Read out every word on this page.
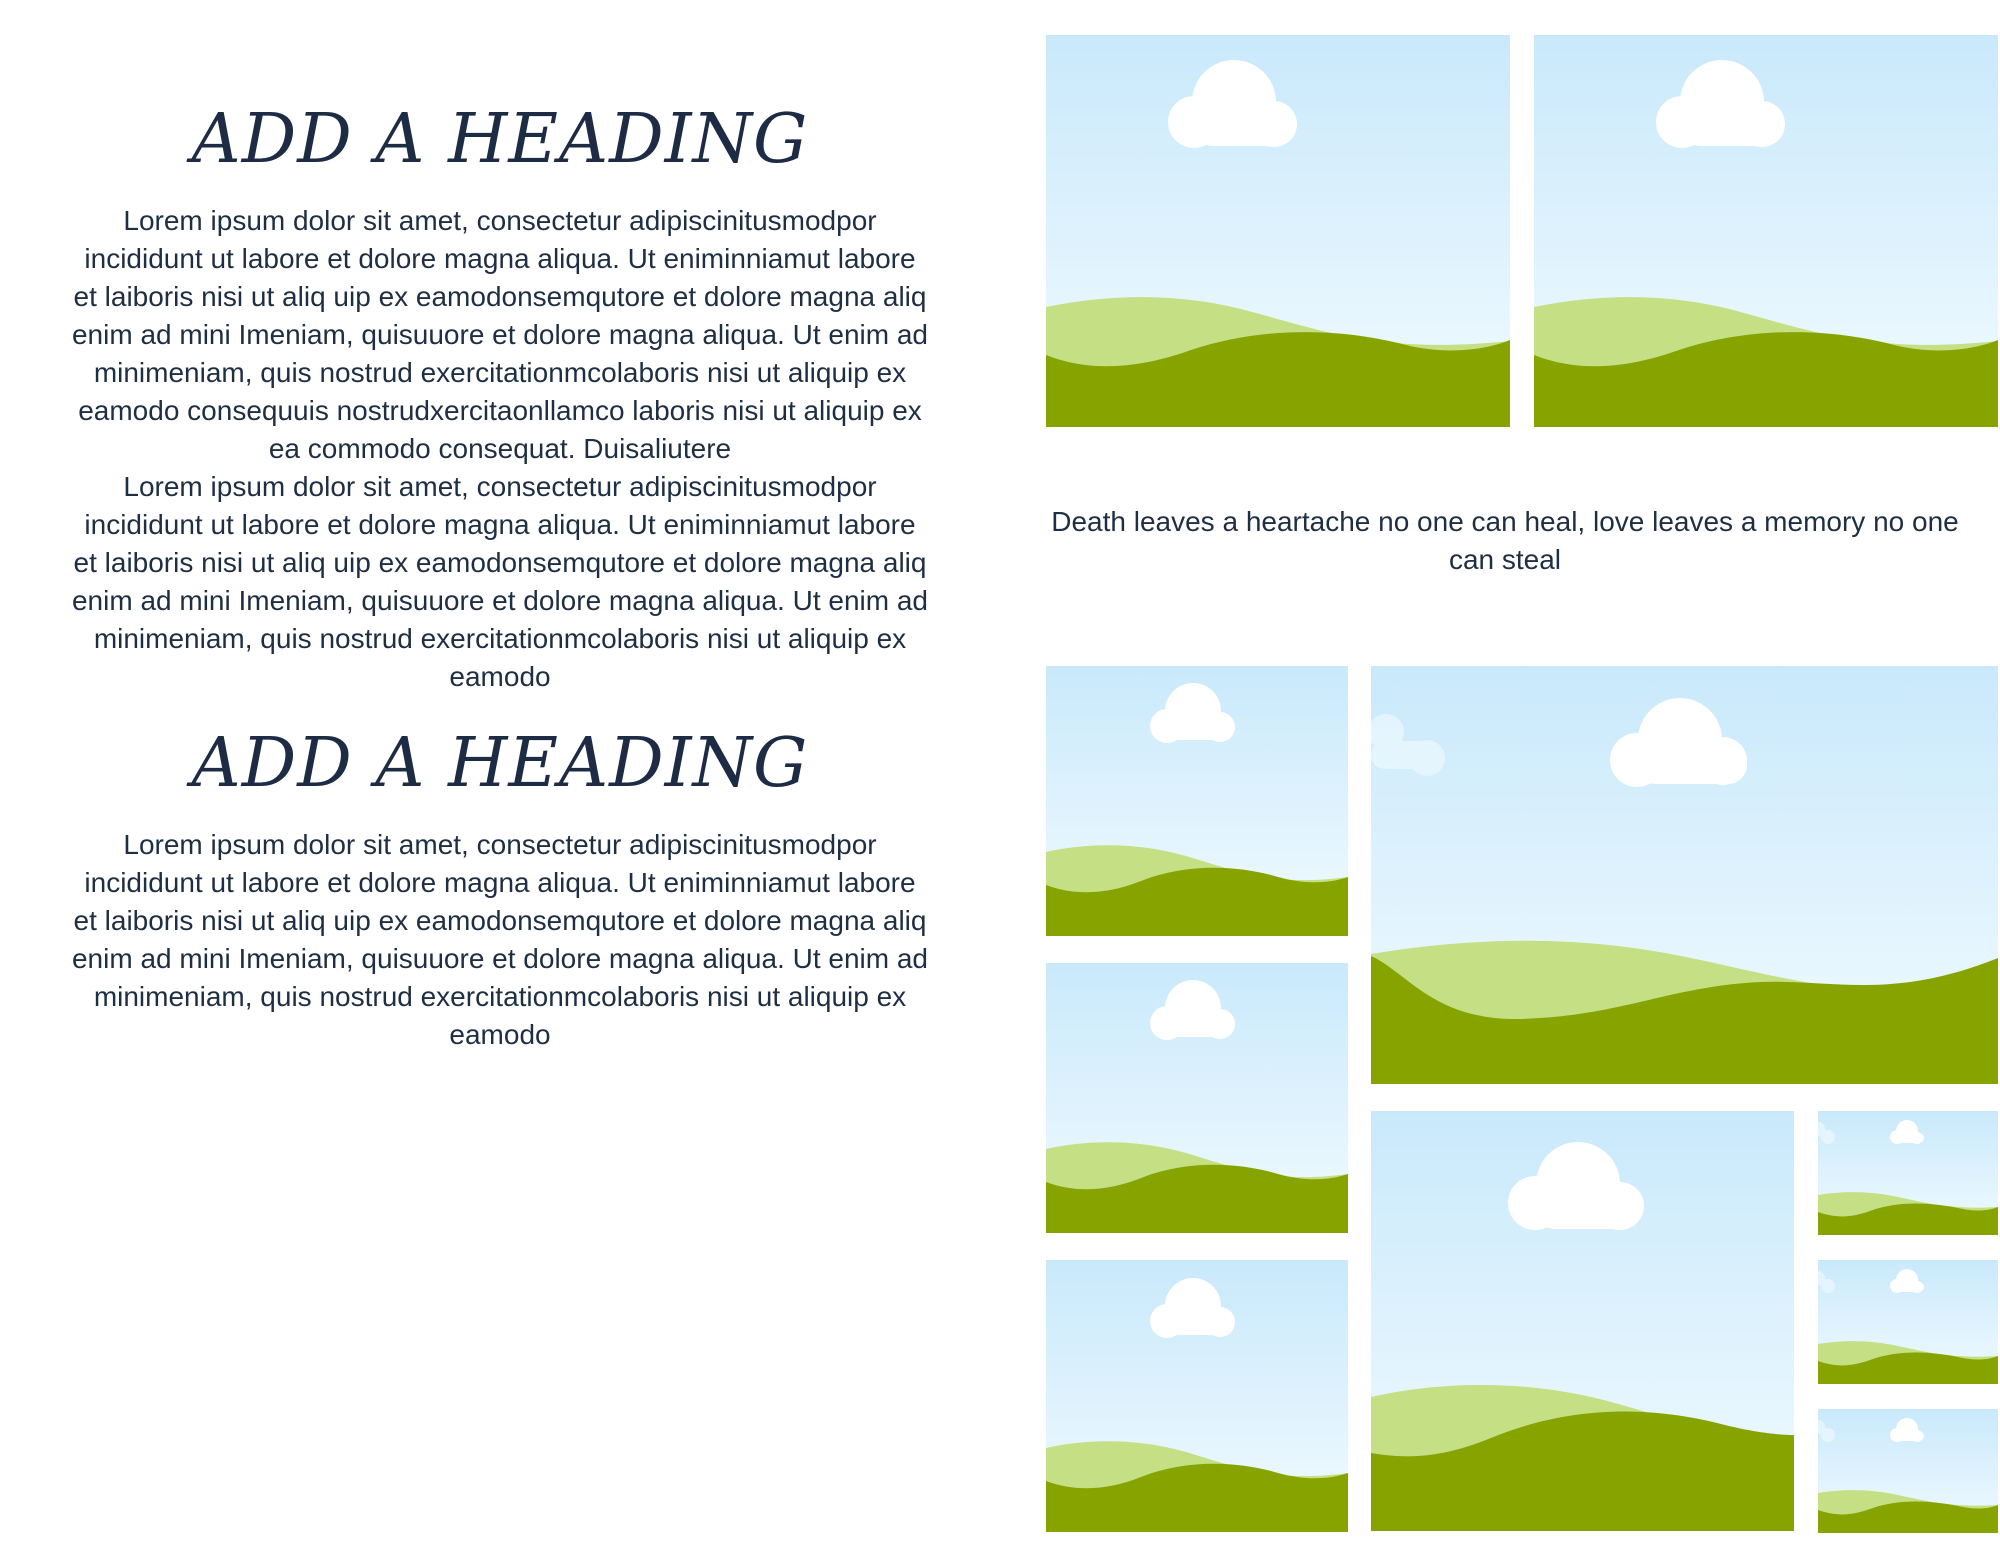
ADD A HEADING

Lorem ipsum dolor sit amet, consectetur adipiscinitusmodpor incididunt ut labore et dolore magna aliqua. Ut eniminniamut labore et laiboris nisi ut aliq uip ex eamodonsemqutore et dolore magna aliq enim ad mini Imeniam, quisuuore et dolore magna aliqua. Ut enim ad minimeniam, quis nostrud exercitationmcolaboris nisi ut aliquip ex eamodo consequuis nostrudxercitaonllamco laboris nisi ut aliquip ex ea commodo consequat. Duisaliutere

Lorem ipsum dolor sit amet, consectetur adipiscinitusmodpor incididunt ut labore et dolore magna aliqua. Ut eniminniamut labore et laiboris nisi ut aliq uip ex eamodonsemqutore et dolore magna aliq enim ad mini Imeniam, quisuuore et dolore magna aliqua. Ut enim ad minimeniam, quis nostrud exercitationmcolaboris nisi ut aliquip ex eamodo

ADD A HEADING

Lorem ipsum dolor sit amet, consectetur adipiscinitusmodpor incididunt ut labore et dolore magna aliqua. Ut eniminniamut labore et laiboris nisi ut aliq uip ex eamodonsemqutore et dolore magna aliq enim ad mini Imeniam, quisuuore et dolore magna aliqua. Ut enim ad minimeniam, quis nostrud exercitationmcolaboris nisi ut aliquip ex eamodo

Death leaves a heartache no one can heal, love leaves a memory no one can steal
